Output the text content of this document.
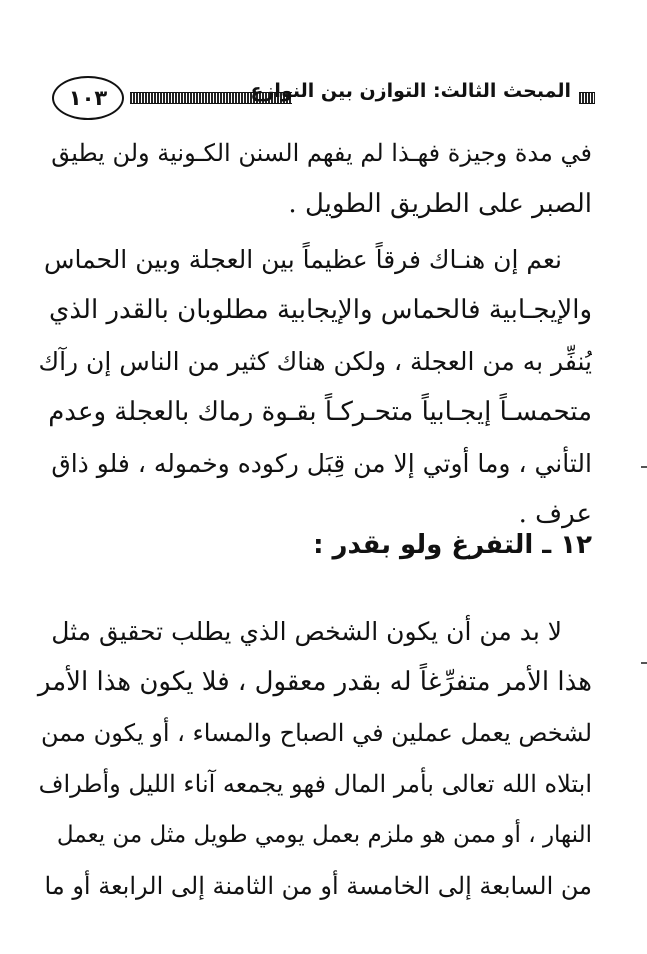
١٠٣	المبحث الثالث: التوازن بين النوازع
في مدة وجيزة فهـذا لم يفهم السنن الكـونية ولن يطيق
الصبر على الطريق الطويل .
نعم إن هنـاك فرقاً عظيماً بين العجلة وبين الحماس
والإيجـابية فالحماس والإيجابية مطلوبان بالقدر الذي
يُنفِّر به من العجلة ، ولكن هناك كثير من الناس إن رآك
متحمسـاً إيجـابياً متحـركـاً بقـوة رماك بالعجلة وعدم
التأني ، وما أوتي إلا من قِبَل ركوده وخموله ، فلو ذاق
عرف .
١٢ ـ التفرغ ولو بقدر :
لا بد من أن يكون الشخص الذي يطلب تحقيق مثل
هذا الأمر متفرِّغاً له بقدر معقول ، فلا يكون هذا الأمر
لشخص يعمل عملين في الصباح والمساء ، أو يكون ممن
ابتلاه الله تعالى بأمر المال فهو يجمعه آناء الليل وأطراف
النهار ، أو ممن هو ملزم بعمل يومي طويل مثل من يعمل
من السابعة إلى الخامسة أو من الثامنة إلى الرابعة أو ما
